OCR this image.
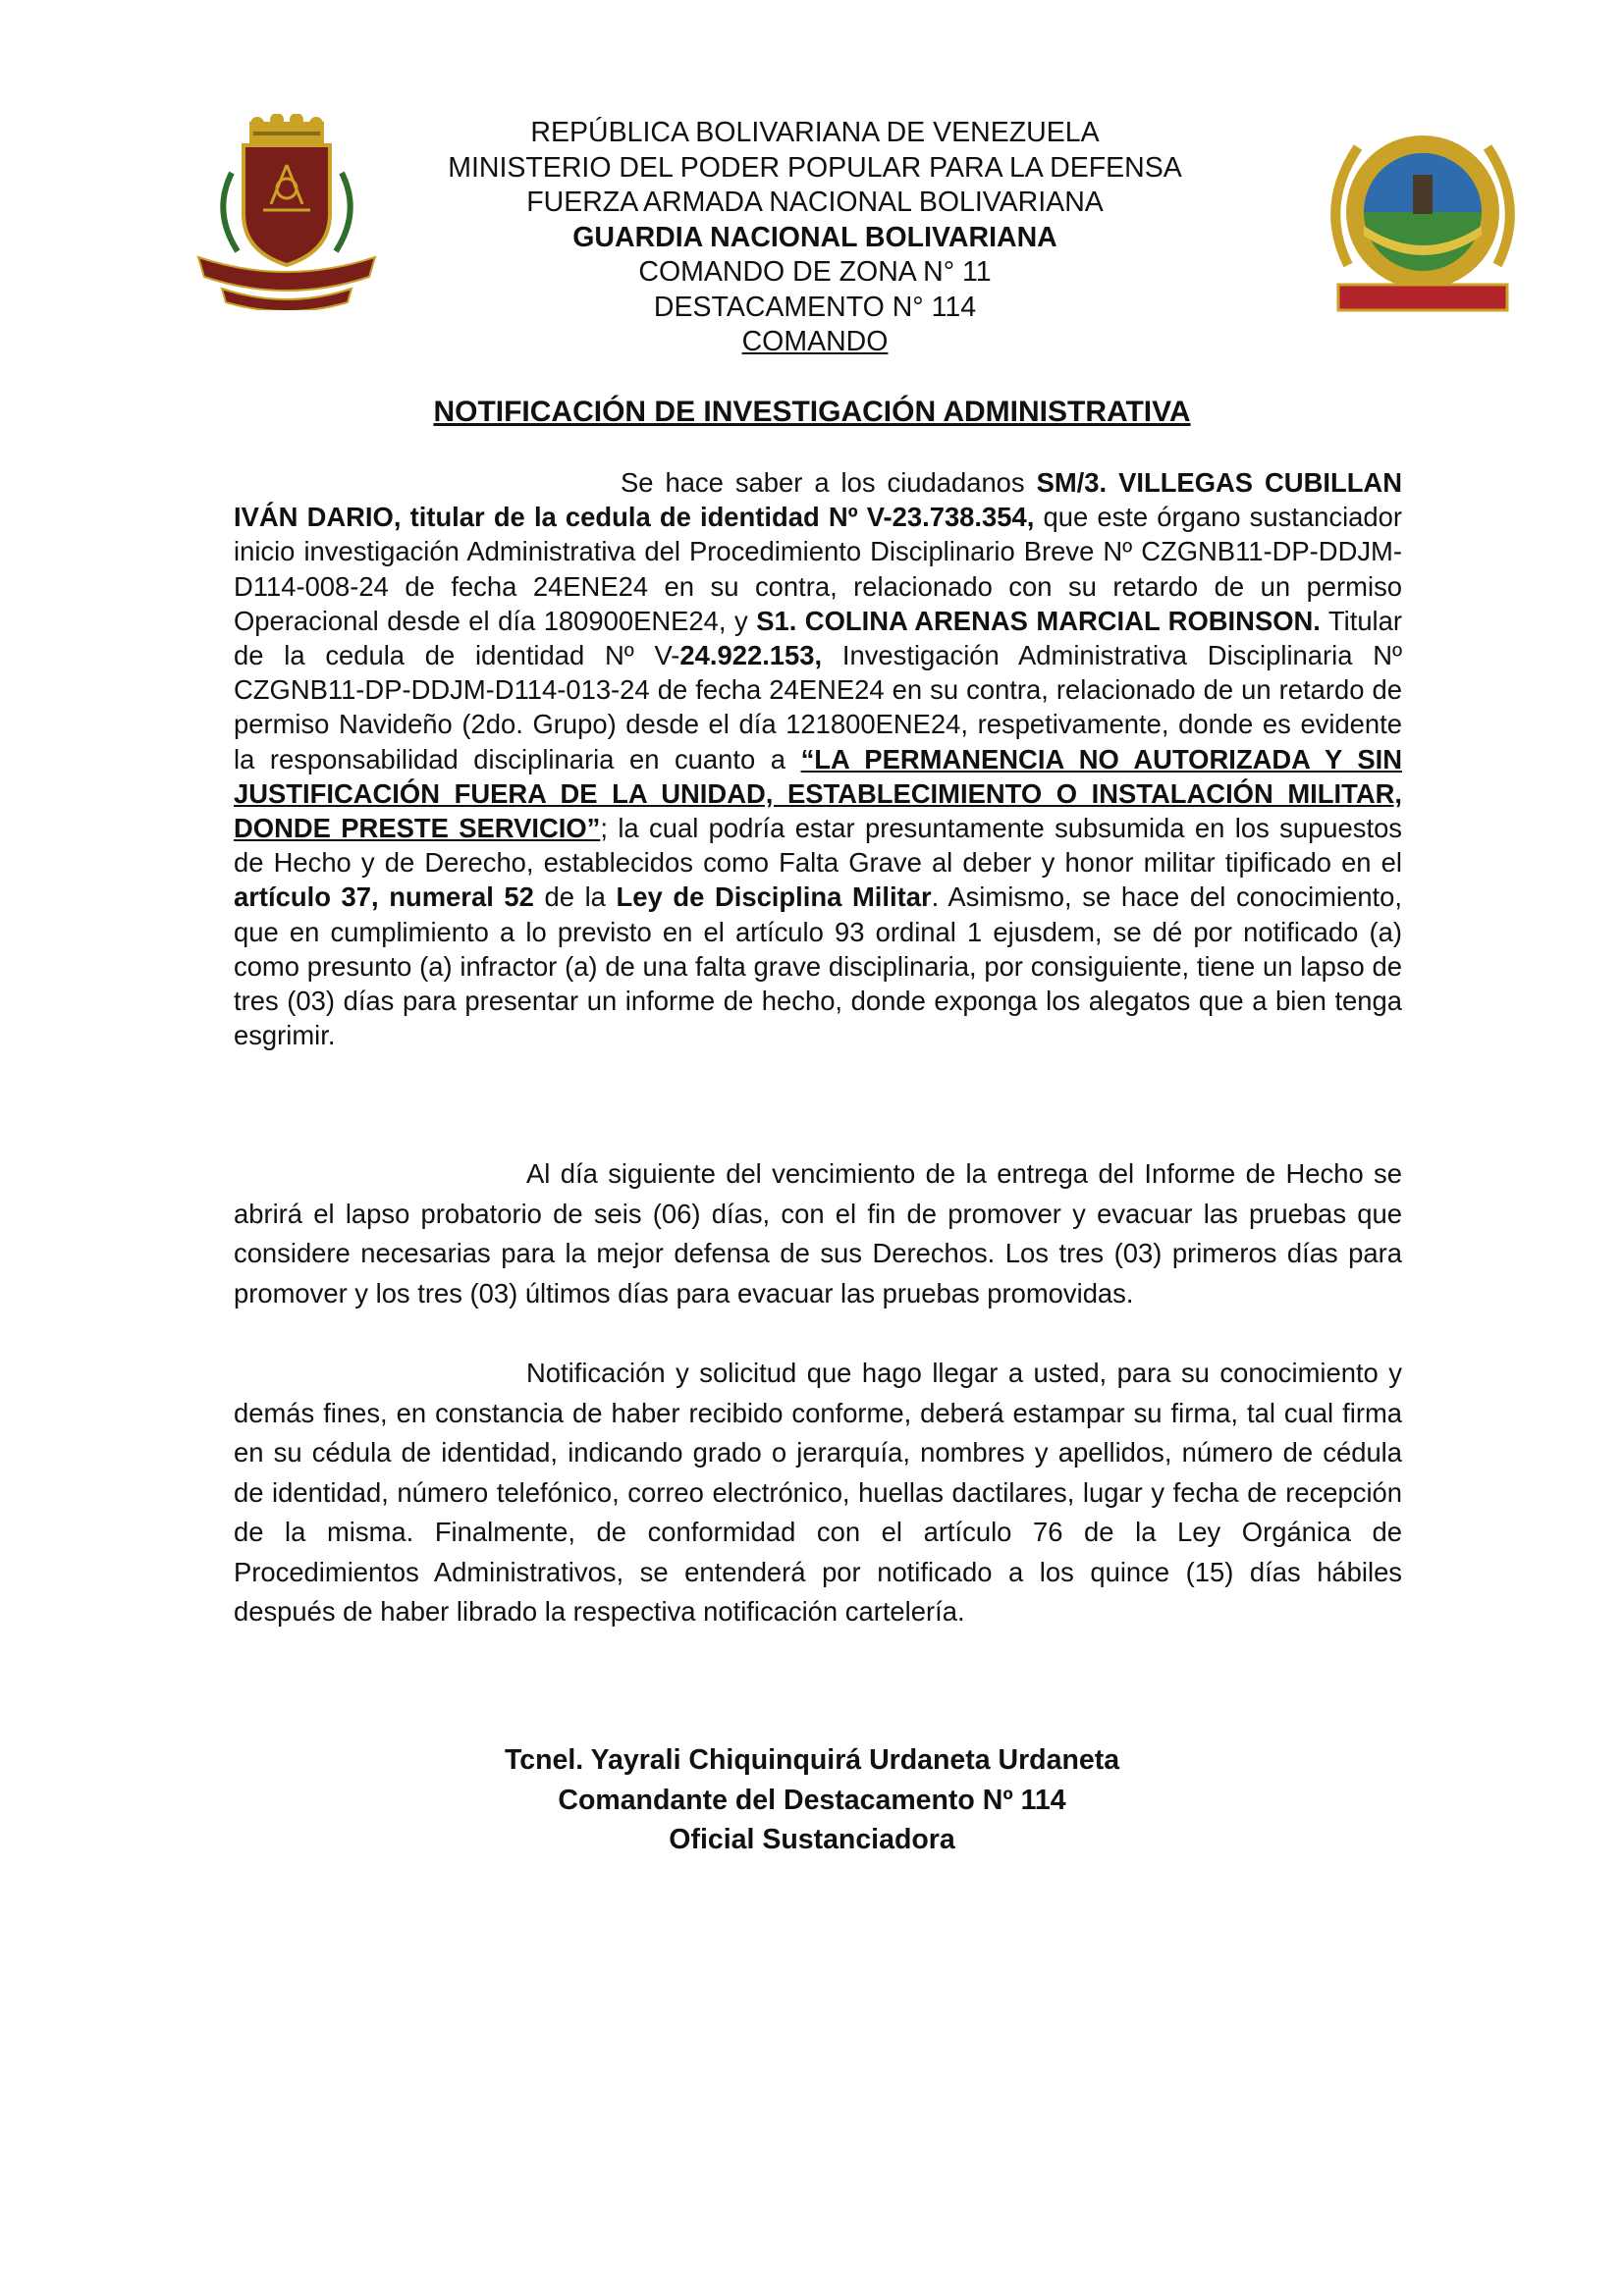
REPÚBLICA BOLIVARIANA DE VENEZUELA
MINISTERIO DEL PODER POPULAR PARA LA DEFENSA
FUERZA ARMADA NACIONAL BOLIVARIANA
GUARDIA NACIONAL BOLIVARIANA
COMANDO DE ZONA N° 11
DESTACAMENTO N° 114
COMANDO
NOTIFICACIÓN DE INVESTIGACIÓN ADMINISTRATIVA

Se hace saber a los ciudadanos SM/3. VILLEGAS CUBILLAN IVÁN DARIO, titular de la cedula de identidad Nº V-23.738.354, que este órgano sustanciador inicio investigación Administrativa del Procedimiento Disciplinario Breve Nº CZGNB11-DP-DDJM- D114-008-24 de fecha 24ENE24 en su contra, relacionado con su retardo de un permiso Operacional desde el día 180900ENE24, y S1. COLINA ARENAS MARCIAL ROBINSON. Titular de la cedula de identidad Nº V-24.922.153, Investigación Administrativa Disciplinaria Nº CZGNB11-DP-DDJM-D114-013-24 de fecha 24ENE24 en su contra, relacionado de un retardo de permiso Navideño (2do. Grupo) desde el día 121800ENE24, respetivamente, donde es evidente la responsabilidad disciplinaria en cuanto a “LA PERMANENCIA NO AUTORIZADA Y SIN JUSTIFICACIÓN FUERA DE LA UNIDAD, ESTABLECIMIENTO O INSTALACIÓN MILITAR, DONDE PRESTE SERVICIO”; la cual podría estar presuntamente subsumida en los supuestos de Hecho y de Derecho, establecidos como Falta Grave al deber y honor militar tipificado en el artículo 37, numeral 52 de la Ley de Disciplina Militar. Asimismo, se hace del conocimiento, que en cumplimiento a lo previsto en el artículo 93 ordinal 1 ejusdem, se dé por notificado (a) como presunto (a) infractor (a) de una falta grave disciplinaria, por consiguiente, tiene un lapso de tres (03) días para presentar un informe de hecho, donde exponga los alegatos que a bien tenga esgrimir.

Al día siguiente del vencimiento de la entrega del Informe de Hecho se abrirá el lapso probatorio de seis (06) días, con el fin de promover y evacuar las pruebas que considere necesarias para la mejor defensa de sus Derechos. Los tres (03) primeros días para promover y los tres (03) últimos días para evacuar las pruebas promovidas.

Notificación y solicitud que hago llegar a usted, para su conocimiento y demás fines, en constancia de haber recibido conforme, deberá estampar su firma, tal cual firma en su cédula de identidad, indicando grado o jerarquía, nombres y apellidos, número de cédula de identidad, número telefónico, correo electrónico, huellas dactilares, lugar y fecha de recepción de la misma. Finalmente, de conformidad con el artículo 76 de la Ley Orgánica de Procedimientos Administrativos, se entenderá por notificado a los quince (15) días hábiles después de haber librado la respectiva notificación cartelería.

Tcnel. Yayrali Chiquinquirá Urdaneta Urdaneta
Comandante del Destacamento Nº 114
Oficial Sustanciadora
